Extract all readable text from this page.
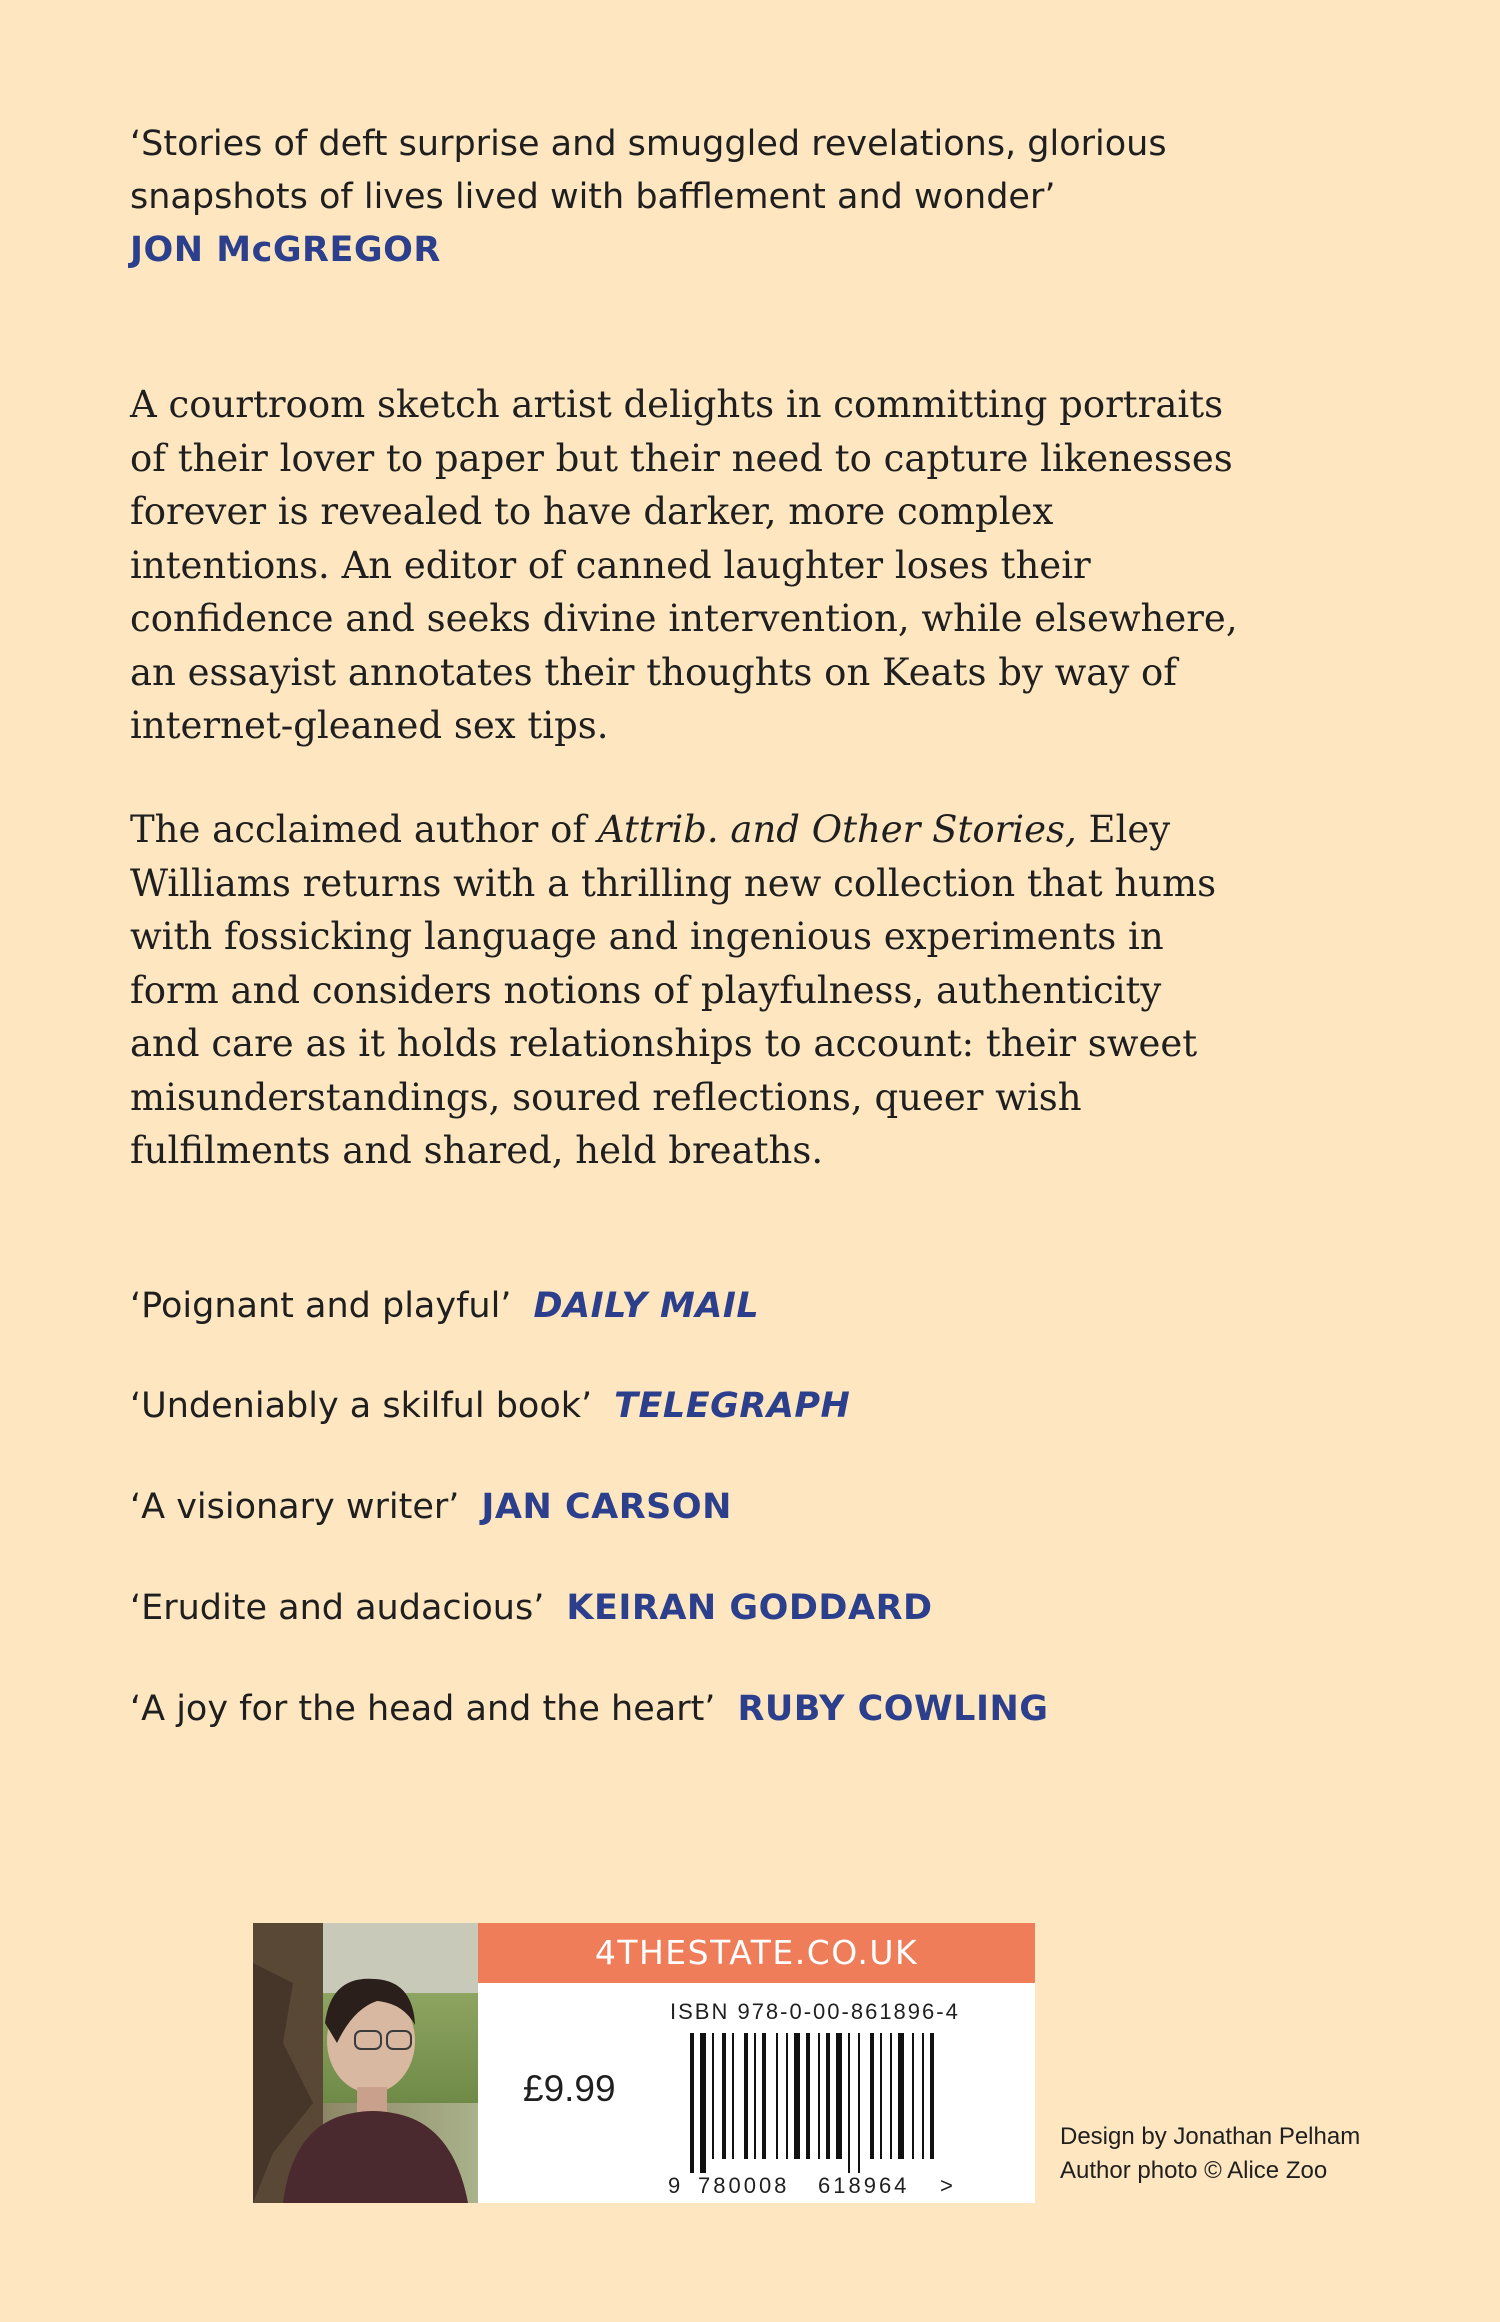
‘Stories of deft surprise and smuggled revelations, glorious
snapshots of lives lived with bafflement and wonder’
JON McGREGOR
A courtroom sketch artist delights in committing portraits
of their lover to paper but their need to capture likenesses
forever is revealed to have darker, more complex
intentions. An editor of canned laughter loses their
confidence and seeks divine intervention, while elsewhere,
an essayist annotates their thoughts on Keats by way of
internet-gleaned sex tips.
The acclaimed author of Attrib. and Other Stories, Eley
Williams returns with a thrilling new collection that hums
with fossicking language and ingenious experiments in
form and considers notions of playfulness, authenticity
and care as it holds relationships to account: their sweet
misunderstandings, soured reflections, queer wish
fulfilments and shared, held breaths.
‘Poignant and playful’ DAILY MAIL
‘Undeniably a skilful book’ TELEGRAPH
‘A visionary writer’ JAN CARSON
‘Erudite and audacious’ KEIRAN GODDARD
‘A joy for the head and the heart’ RUBY COWLING
4THESTATE.CO.UK
£9.99
ISBN 978-0-00-861896-4
9 780008 618964 >
Design by Jonathan Pelham
Author photo © Alice Zoo
